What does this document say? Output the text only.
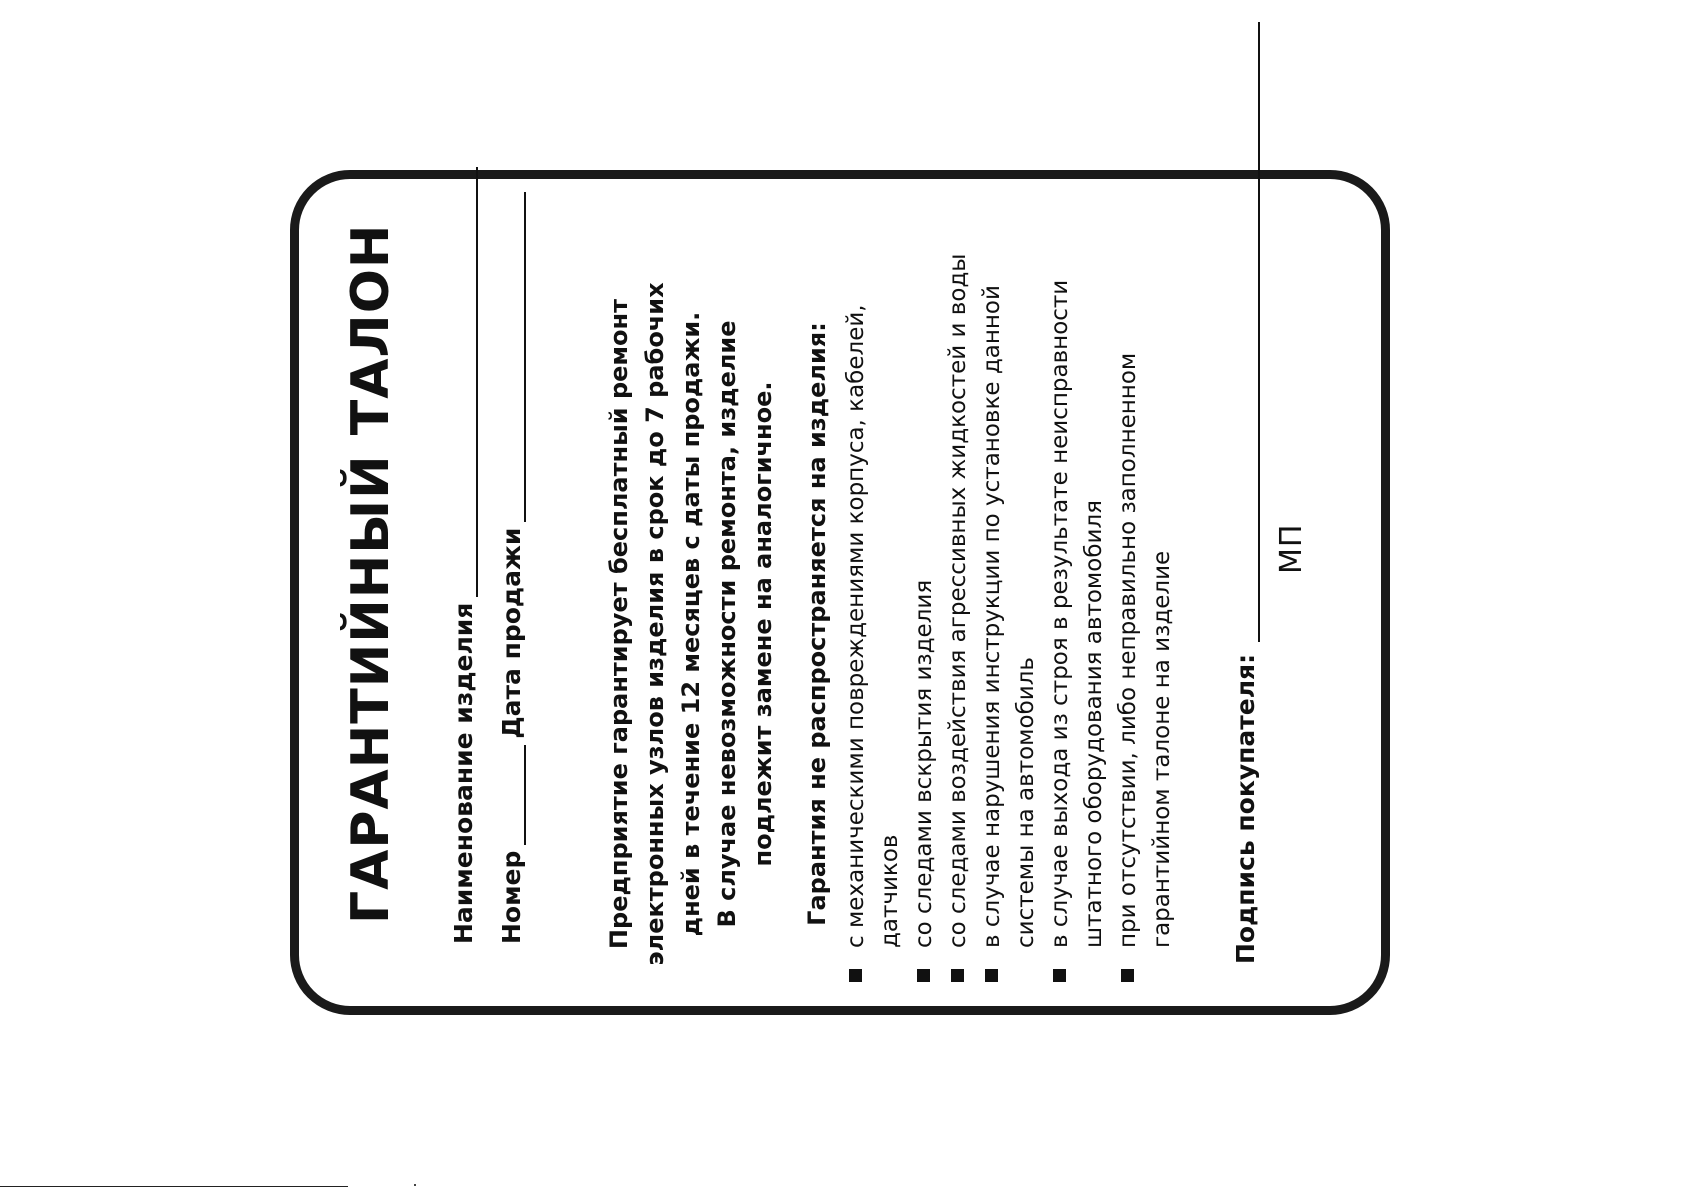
ГАРАНТИЙНЫЙ ТАЛОН Наименование изделия Номер
Дата продажи	Предприятие гарантирует бесплатный ремонт электронных узлов изделия в срок до 7 рабочих дней в течение 12 месяцев с даты продажи. В случае невозможности ремонта, изделие подлежит замене на аналогичное. Гарантия не распространяется на изделия: с механическими повреждениями корпуса, кабелей, датчиков со следами вскрытия изделия со следами воздействия агрессивных жидкостей и воды в случае нарушения инструкции по установке данной системы на автомобиль в случае выхода из строя в результате неисправности штатного оборудования автомобиля при отсутствии, либо неправильно заполненном гарантийном талоне на изделие Подпись покупателя:
МП
